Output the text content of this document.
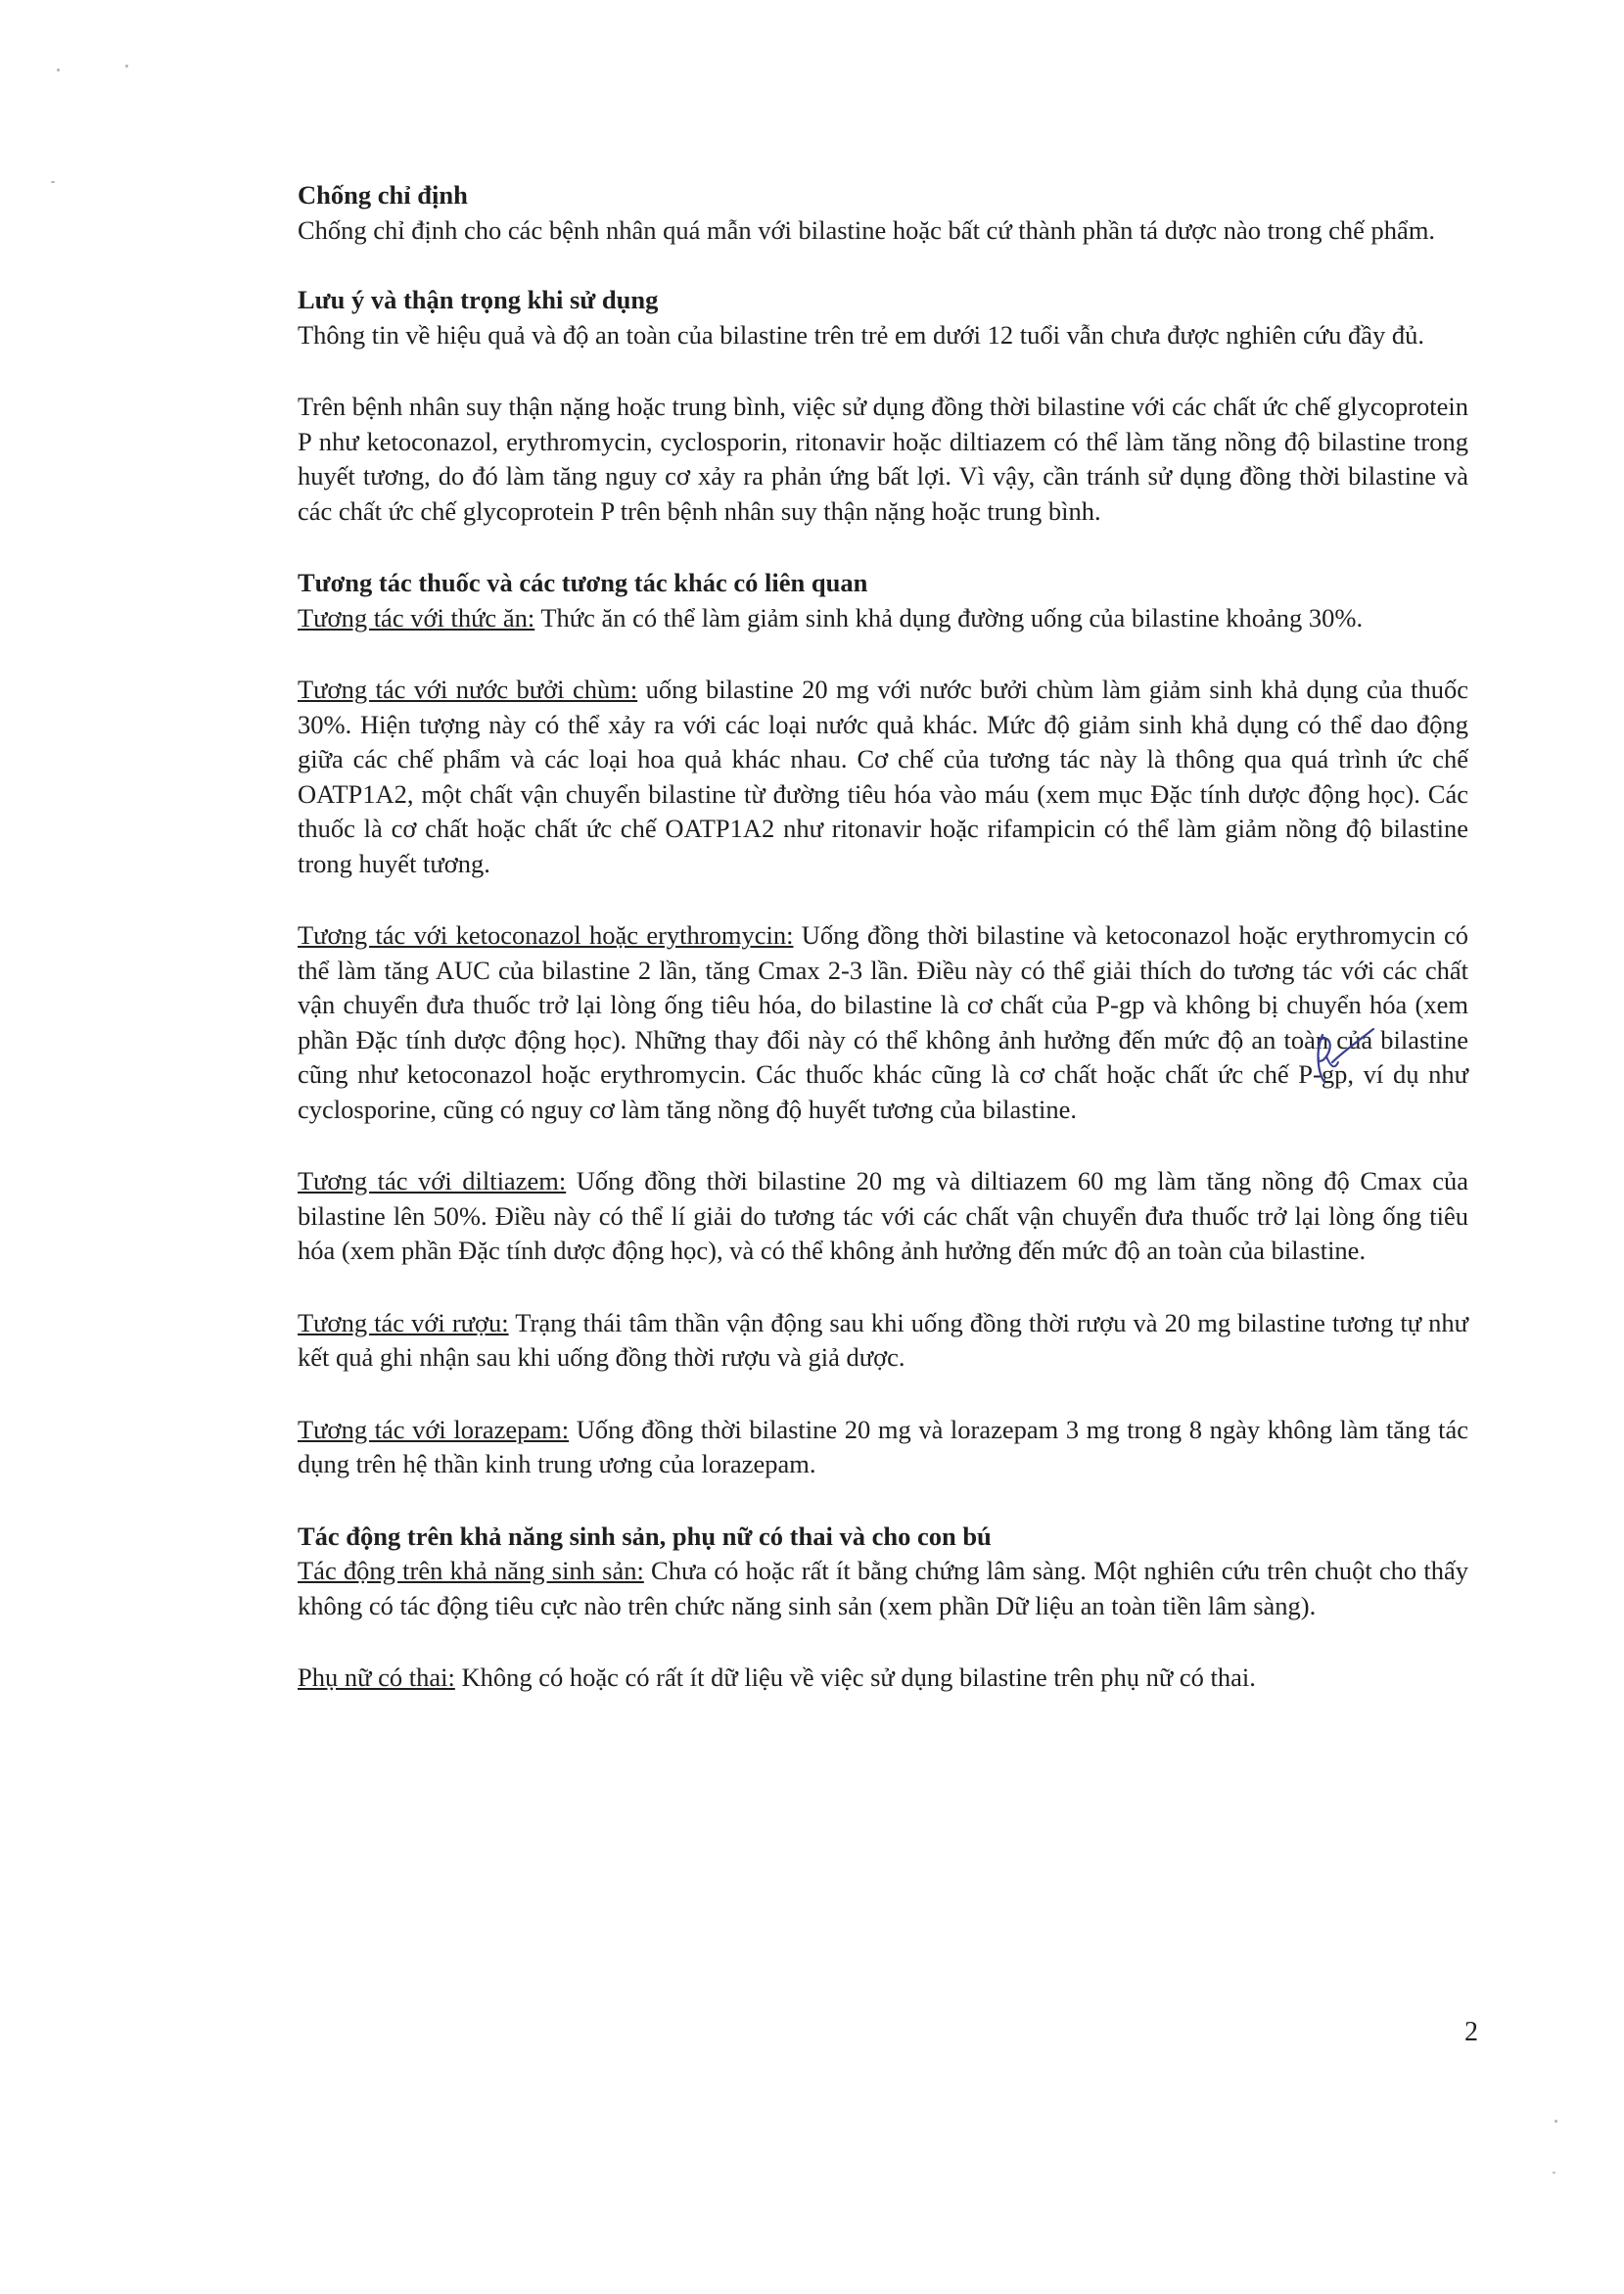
Chống chỉ định

Chống chỉ định cho các bệnh nhân quá mẫn với bilastine hoặc bất cứ thành phần tá dược nào trong chế phẩm.

Lưu ý và thận trọng khi sử dụng

Thông tin về hiệu quả và độ an toàn của bilastine trên trẻ em dưới 12 tuổi vẫn chưa được nghiên cứu đầy đủ.

Trên bệnh nhân suy thận nặng hoặc trung bình, việc sử dụng đồng thời bilastine với các chất ức chế glycoprotein P như ketoconazol, erythromycin, cyclosporin, ritonavir hoặc diltiazem có thể làm tăng nồng độ bilastine trong huyết tương, do đó làm tăng nguy cơ xảy ra phản ứng bất lợi. Vì vậy, cần tránh sử dụng đồng thời bilastine và các chất ức chế glycoprotein P trên bệnh nhân suy thận nặng hoặc trung bình.

Tương tác thuốc và các tương tác khác có liên quan

Tương tác với thức ăn: Thức ăn có thể làm giảm sinh khả dụng đường uống của bilastine khoảng 30%.

Tương tác với nước bưởi chùm: uống bilastine 20 mg với nước bưởi chùm làm giảm sinh khả dụng của thuốc 30%. Hiện tượng này có thể xảy ra với các loại nước quả khác. Mức độ giảm sinh khả dụng có thể dao động giữa các chế phẩm và các loại hoa quả khác nhau. Cơ chế của tương tác này là thông qua quá trình ức chế OATP1A2, một chất vận chuyển bilastine từ đường tiêu hóa vào máu (xem mục Đặc tính dược động học). Các thuốc là cơ chất hoặc chất ức chế OATP1A2 như ritonavir hoặc rifampicin có thể làm giảm nồng độ bilastine trong huyết tương.

Tương tác với ketoconazol hoặc erythromycin: Uống đồng thời bilastine và ketoconazol hoặc erythromycin có thể làm tăng AUC của bilastine 2 lần, tăng Cmax 2-3 lần. Điều này có thể giải thích do tương tác với các chất vận chuyển đưa thuốc trở lại lòng ống tiêu hóa, do bilastine là cơ chất của P-gp và không bị chuyển hóa (xem phần Đặc tính dược động học). Những thay đổi này có thể không ảnh hưởng đến mức độ an toàn của bilastine cũng như ketoconazol hoặc erythromycin. Các thuốc khác cũng là cơ chất hoặc chất ức chế P-gp, ví dụ như cyclosporine, cũng có nguy cơ làm tăng nồng độ huyết tương của bilastine.

Tương tác với diltiazem: Uống đồng thời bilastine 20 mg và diltiazem 60 mg làm tăng nồng độ Cmax của bilastine lên 50%. Điều này có thể lí giải do tương tác với các chất vận chuyển đưa thuốc trở lại lòng ống tiêu hóa (xem phần Đặc tính dược động học), và có thể không ảnh hưởng đến mức độ an toàn của bilastine.

Tương tác với rượu: Trạng thái tâm thần vận động sau khi uống đồng thời rượu và 20 mg bilastine tương tự như kết quả ghi nhận sau khi uống đồng thời rượu và giả dược.

Tương tác với lorazepam: Uống đồng thời bilastine 20 mg và lorazepam 3 mg trong 8 ngày không làm tăng tác dụng trên hệ thần kinh trung ương của lorazepam.

Tác động trên khả năng sinh sản, phụ nữ có thai và cho con bú

Tác động trên khả năng sinh sản: Chưa có hoặc rất ít bằng chứng lâm sàng. Một nghiên cứu trên chuột cho thấy không có tác động tiêu cực nào trên chức năng sinh sản (xem phần Dữ liệu an toàn tiền lâm sàng).

Phụ nữ có thai: Không có hoặc có rất ít dữ liệu về việc sử dụng bilastine trên phụ nữ có thai.

2
